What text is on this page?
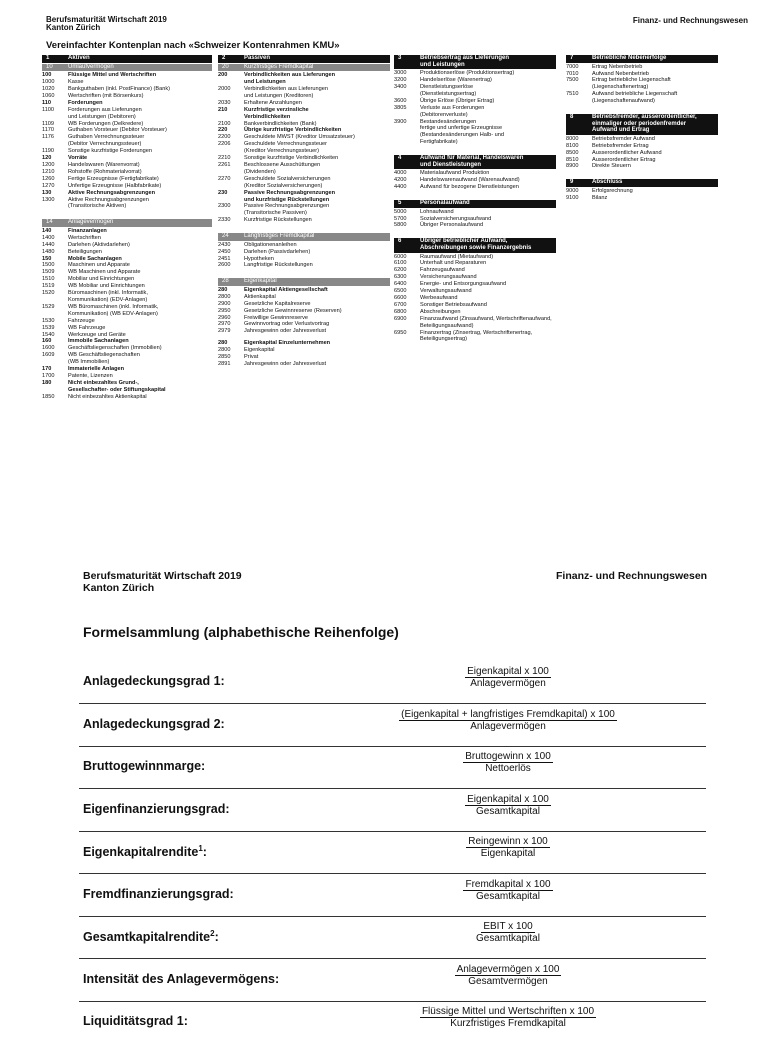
Berufsmaturität Wirtschaft 2019
Kanton Zürich
Finanz- und Rechnungswesen
Vereinfachter Kontenplan nach «Schweizer Kontenrahmen KMU»
1	Aktiven
10	Umlaufvermögen
100	Flüssige Mittel und Wertschriften
1000	Kasse
1020	Bankguthaben (inkl. PostFinance) (Bank)
1060	Wertschriften (mit Börsenkurs)
110	Forderungen
1100	Forderungen aus Lieferungen
und Leistungen (Debitoren)
1109	WB Forderungen (Delkredere)
1170	Guthaben Vorsteuer (Debitor Vorsteuer)
1176	Guthaben Verrechnungssteuer
(Debitor Verrechnungssteuer)
1190	Sonstige kurzfristige Forderungen
120	Vorräte
1200	Handelswaren (Warenvorrat)
1210	Rohstoffe (Rohmaterialvorrat)
1260	Fertige Erzeugnisse (Fertigfabrikate)
1270	Unfertige Erzeugnisse (Halbfabrikate)
130	Aktive Rechnungsabgrenzungen
1300	Aktive Rechnungsabgrenzungen
(Transitorische Aktiven)
14	Anlagevermögen
140	Finanzanlagen
1400	Wertschriften
1440	Darlehen (Aktivdarlehen)
1480	Beteiligungen
150	Mobile Sachanlagen
1500	Maschinen und Apparate
1509	WB Maschinen und Apparate
1510	Mobiliar und Einrichtungen
1519	WB Mobiliar und Einrichtungen
1520	Büromaschinen (inkl. Informatik,
Kommunikation) (EDV-Anlagen)
1529	WB Büromaschinen (inkl. Informatik,
Kommunikation) (WB EDV-Anlagen)
1530	Fahrzeuge
1539	WB Fahrzeuge
1540	Werkzeuge und Geräte
160	Immobile Sachanlagen
1600	Geschäftsliegenschaften (Immobilien)
1609	WB Geschäftsliegenschaften
(WB Immobilien)
170	Immaterielle Anlagen
1700	Patente, Lizenzen
180	Nicht einbezahltes Grund-,
Gesellschafter- oder Stiftungskapital
1850	Nicht einbezahltes Aktienkapital
2	Passiven
20	Kurzfristiges Fremdkapital
200	Verbindlichkeiten aus Lieferungen
und Leistungen
2000	Verbindlichkeiten aus Lieferungen
und Leistungen (Kreditoren)
2030	Erhaltene Anzahlungen
210	Kurzfristige verzinsliche
Verbindlichkeiten
2100	Bankverbindlichkeiten (Bank)
220	Übrige kurzfristige Verbindlichkeiten
2200	Geschuldete MWST (Kreditor Umsatzsteuer)
2206	Geschuldete Verrechnungssteuer
(Kreditor Verrechnungssteuer)
2210	Sonstige kurzfristige Verbindlichkeiten
2261	Beschlossene Ausschüttungen
(Dividenden)
2270	Geschuldete Sozialversicherungen
(Kreditor Sozialversicherungen)
230	Passive Rechnungsabgrenzungen
und kurzfristige Rückstellungen
2300	Passive Rechnungsabgrenzungen
(Transitorische Passiven)
2330	Kurzfristige Rückstellungen
24	Langfristiges Fremdkapital
2430	Obligationenanleihen
2450	Darlehen (Passivdarlehen)
2451	Hypotheken
2600	Langfristige Rückstellungen
28	Eigenkapital
280	Eigenkapital Aktiengesellschaft
2800	Aktienkapital
2900	Gesetzliche Kapitalreserve
2950	Gesetzliche Gewinnreserve (Reserven)
2960	Freiwillige Gewinnreserve
2970	Gewinnvortrag oder Verlustvortrag
2979	Jahresgewinn oder Jahresverlust
280	Eigenkapital Einzelunternehmen
2800	Eigenkapital
2850	Privat
2891	Jahresgewinn oder Jahresverlust
3	Betriebsertrag aus Lieferungen
und Leistungen
3000	Produktionserlöse (Produktionsertrag)
3200	Handelserlöse (Warenertrag)
3400	Dienstleistungserlöse
(Dienstleistungsertrag)
3600	Übrige Erlöse (Übriger Ertrag)
3805	Verluste aus Forderungen
(Debitorenverluste)
3900	Bestandesänderungen
fertige und unfertige Erzeugnisse
(Bestandesänderungen Halb- und
Fertigfabrikate)
4	Aufwand für Material, Handelswaren
und Dienstleistungen
4000	Materialaufwand Produktion
4200	Handelswarenaufwand (Warenaufwand)
4400	Aufwand für bezogene Dienstleistungen
5	Personalaufwand
5000	Lohnaufwand
5700	Sozialversicherungsaufwand
5800	Übriger Personalaufwand
6	Übriger betrieblicher Aufwand,
Abschreibungen sowie Finanzergebnis
6000	Raumaufwand (Mietaufwand)
6100	Unterhalt und Reparaturen
6200	Fahrzeugaufwand
6300	Versicherungsaufwand
6400	Energie- und Entsorgungsaufwand
6500	Verwaltungsaufwand
6600	Werbeaufwand
6700	Sonstiger Betriebsaufwand
6800	Abschreibungen
6900	Finanzaufwand (Zinsaufwand, Wertschriftenaufwand, Beteiligungsaufwand)
6950	Finanzertrag (Zinsertrag, Wertschriftenertrag, Beteiligungsertrag)
7	Betriebliche Nebenerfolge
7000	Ertrag Nebenbetrieb
7010	Aufwand Nebenbetrieb
7500	Ertrag betriebliche Liegenschaft
(Liegenschaftenertrag)
7510	Aufwand betriebliche Liegenschaft
(Liegenschaftenaufwand)
8	Betriebsfremder, ausserordentlicher,
einmaliger oder periodenfremder
Aufwand und Ertrag
8000	Betriebsfremder Aufwand
8100	Betriebsfremder Ertrag
8500	Ausserordentlicher Aufwand
8510	Ausserordentlicher Ertrag
8900	Direkte Steuern
9	Abschluss
9000	Erfolgsrechnung
9100	Bilanz
Berufsmaturität Wirtschaft 2019
Kanton Zürich
Finanz- und Rechnungswesen
Formelsammlung (alphabethische Reihenfolge)
Anlagedeckungsgrad 1:
Eigenkapital x 100
Anlagevermögen
Anlagedeckungsgrad 2:
(Eigenkapital + langfristiges Fremdkapital) x 100
Anlagevermögen
Bruttogewinnmarge:
Bruttogewinn x 100
Nettoerlös
Eigenfinanzierungsgrad:
Eigenkapital x 100
Gesamtkapital
Eigenkapitalrendite$^1$:
Reingewinn x 100
Eigenkapital
Fremdfinanzierungsgrad:
Fremdkapital x 100
Gesamtkapital
Gesamtkapitalrendite$^2$:
EBIT x 100
Gesamtkapital
Intensität des Anlagevermögens:
Anlagevermögen x 100
Gesamtvermögen
Liquiditätsgrad 1:
Flüssige Mittel und Wertschriften x 100
Kurzfristiges Fremdkapital
